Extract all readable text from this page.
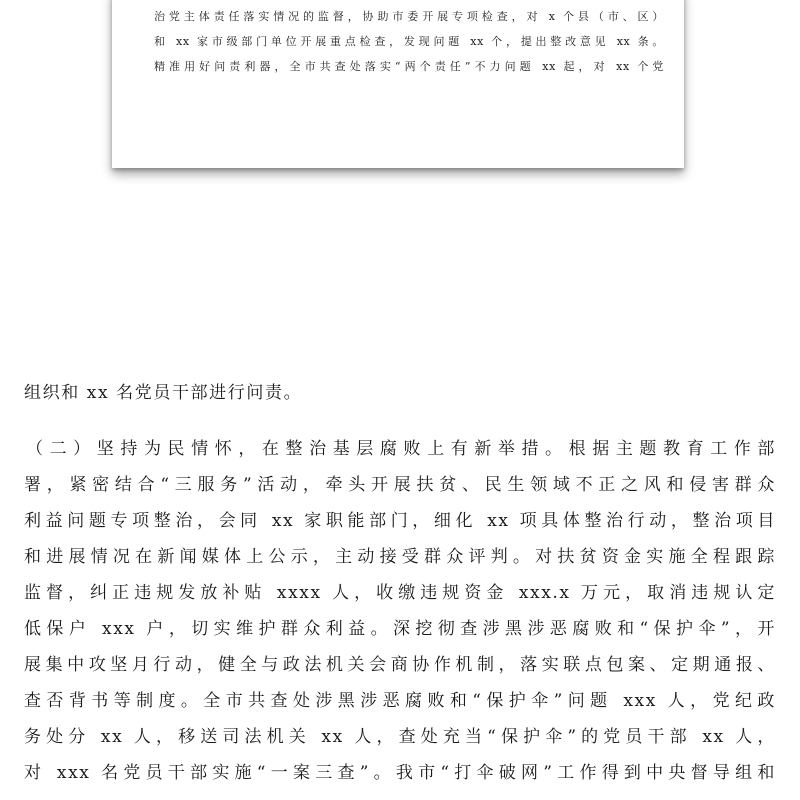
治党主体责任落实情况的监督，协助市委开展专项检查，对 x 个县（市、区）
和 xx 家市级部门单位开展重点检查，发现问题 xx 个，提出整改意见 xx 条。
精准用好问责利器，全市共查处落实“两个责任”不力问题 xx 起，对 xx 个党
组织和 xx 名党员干部进行问责。
（二）坚持为民情怀，在整治基层腐败上有新举措。根据主题教育工作部
署，紧密结合“三服务”活动，牵头开展扶贫、民生领域不正之风和侵害群众
利益问题专项整治，会同 xx 家职能部门，细化 xx 项具体整治行动，整治项目
和进展情况在新闻媒体上公示，主动接受群众评判。对扶贫资金实施全程跟踪
监督，纠正违规发放补贴 xxxx 人，收缴违规资金 xxx.x 万元，取消违规认定
低保户 xxx 户，切实维护群众利益。深挖彻查涉黑涉恶腐败和“保护伞”，开
展集中攻坚月行动，健全与政法机关会商协作机制，落实联点包案、定期通报、
查否背书等制度。全市共查处涉黑涉恶腐败和“保护伞”问题 xxx 人，党纪政
务处分 xx 人，移送司法机关 xx 人，查处充当“保护伞”的党员干部 xx 人，
对 xxx 名党员干部实施“一案三查”。我市“打伞破网”工作得到中央督导组和
